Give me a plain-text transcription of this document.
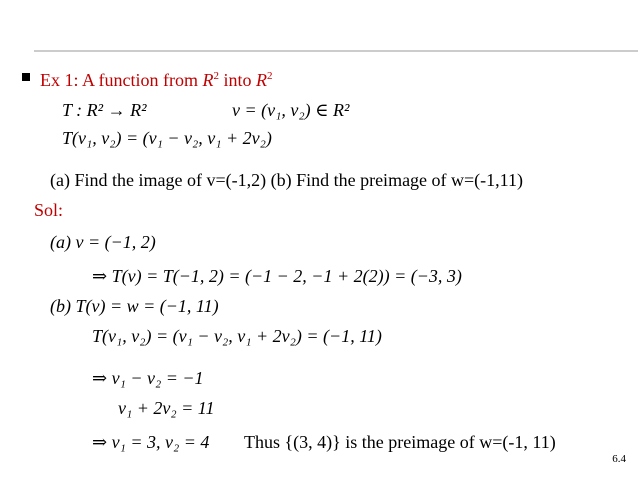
Ex 1: A function from $R^2$ into $R^2$
T : R² → R²	v = (v₁, v₂) ∈ R²
T(v₁, v₂) = (v₁ − v₂, v₁ + 2v₂)
(a) Find the image of v=(-1,2) (b) Find the preimage of w=(-1,11)
Sol:
(a) v = (−1, 2)
⇒ T(v) = T(−1, 2) = (−1 − 2, −1 + 2(2)) = (−3, 3)
(b) T(v) = w = (−1, 11)
T(v₁, v₂) = (v₁ − v₂, v₁ + 2v₂) = (−1, 11)
⇒ v₁ − v₂ = −1
v₁ + 2v₂ = 11
⇒ v₁ = 3, v₂ = 4 Thus {(3, 4)} is the preimage of w=(-1, 11)
6.4
